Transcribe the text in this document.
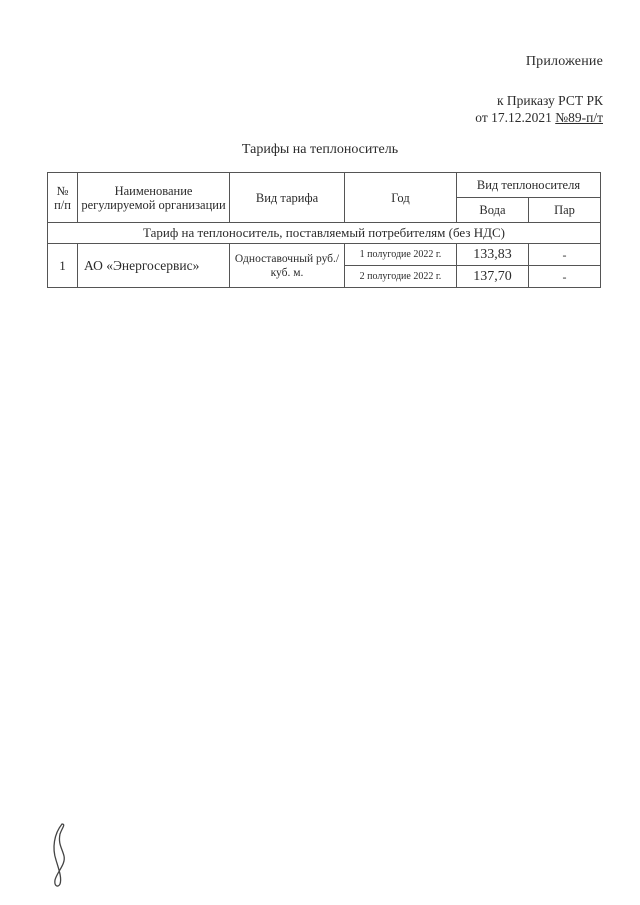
Приложение
к Приказу РСТ РК
от 17.12.2021 №89-п/т
Тарифы на теплоноситель
№ п/п	Наименование регулируемой организации	Вид тарифа	Год	Вид теплоносителя	
				Вода	Пар
Тариф на теплоноситель, поставляемый потребителям (без НДС)					
1	АО «Энергосервис»	Одноставочный руб./куб. м.	1 полугодие 2022 г.	133,83	-
			2 полугодие 2022 г.	137,70	-
